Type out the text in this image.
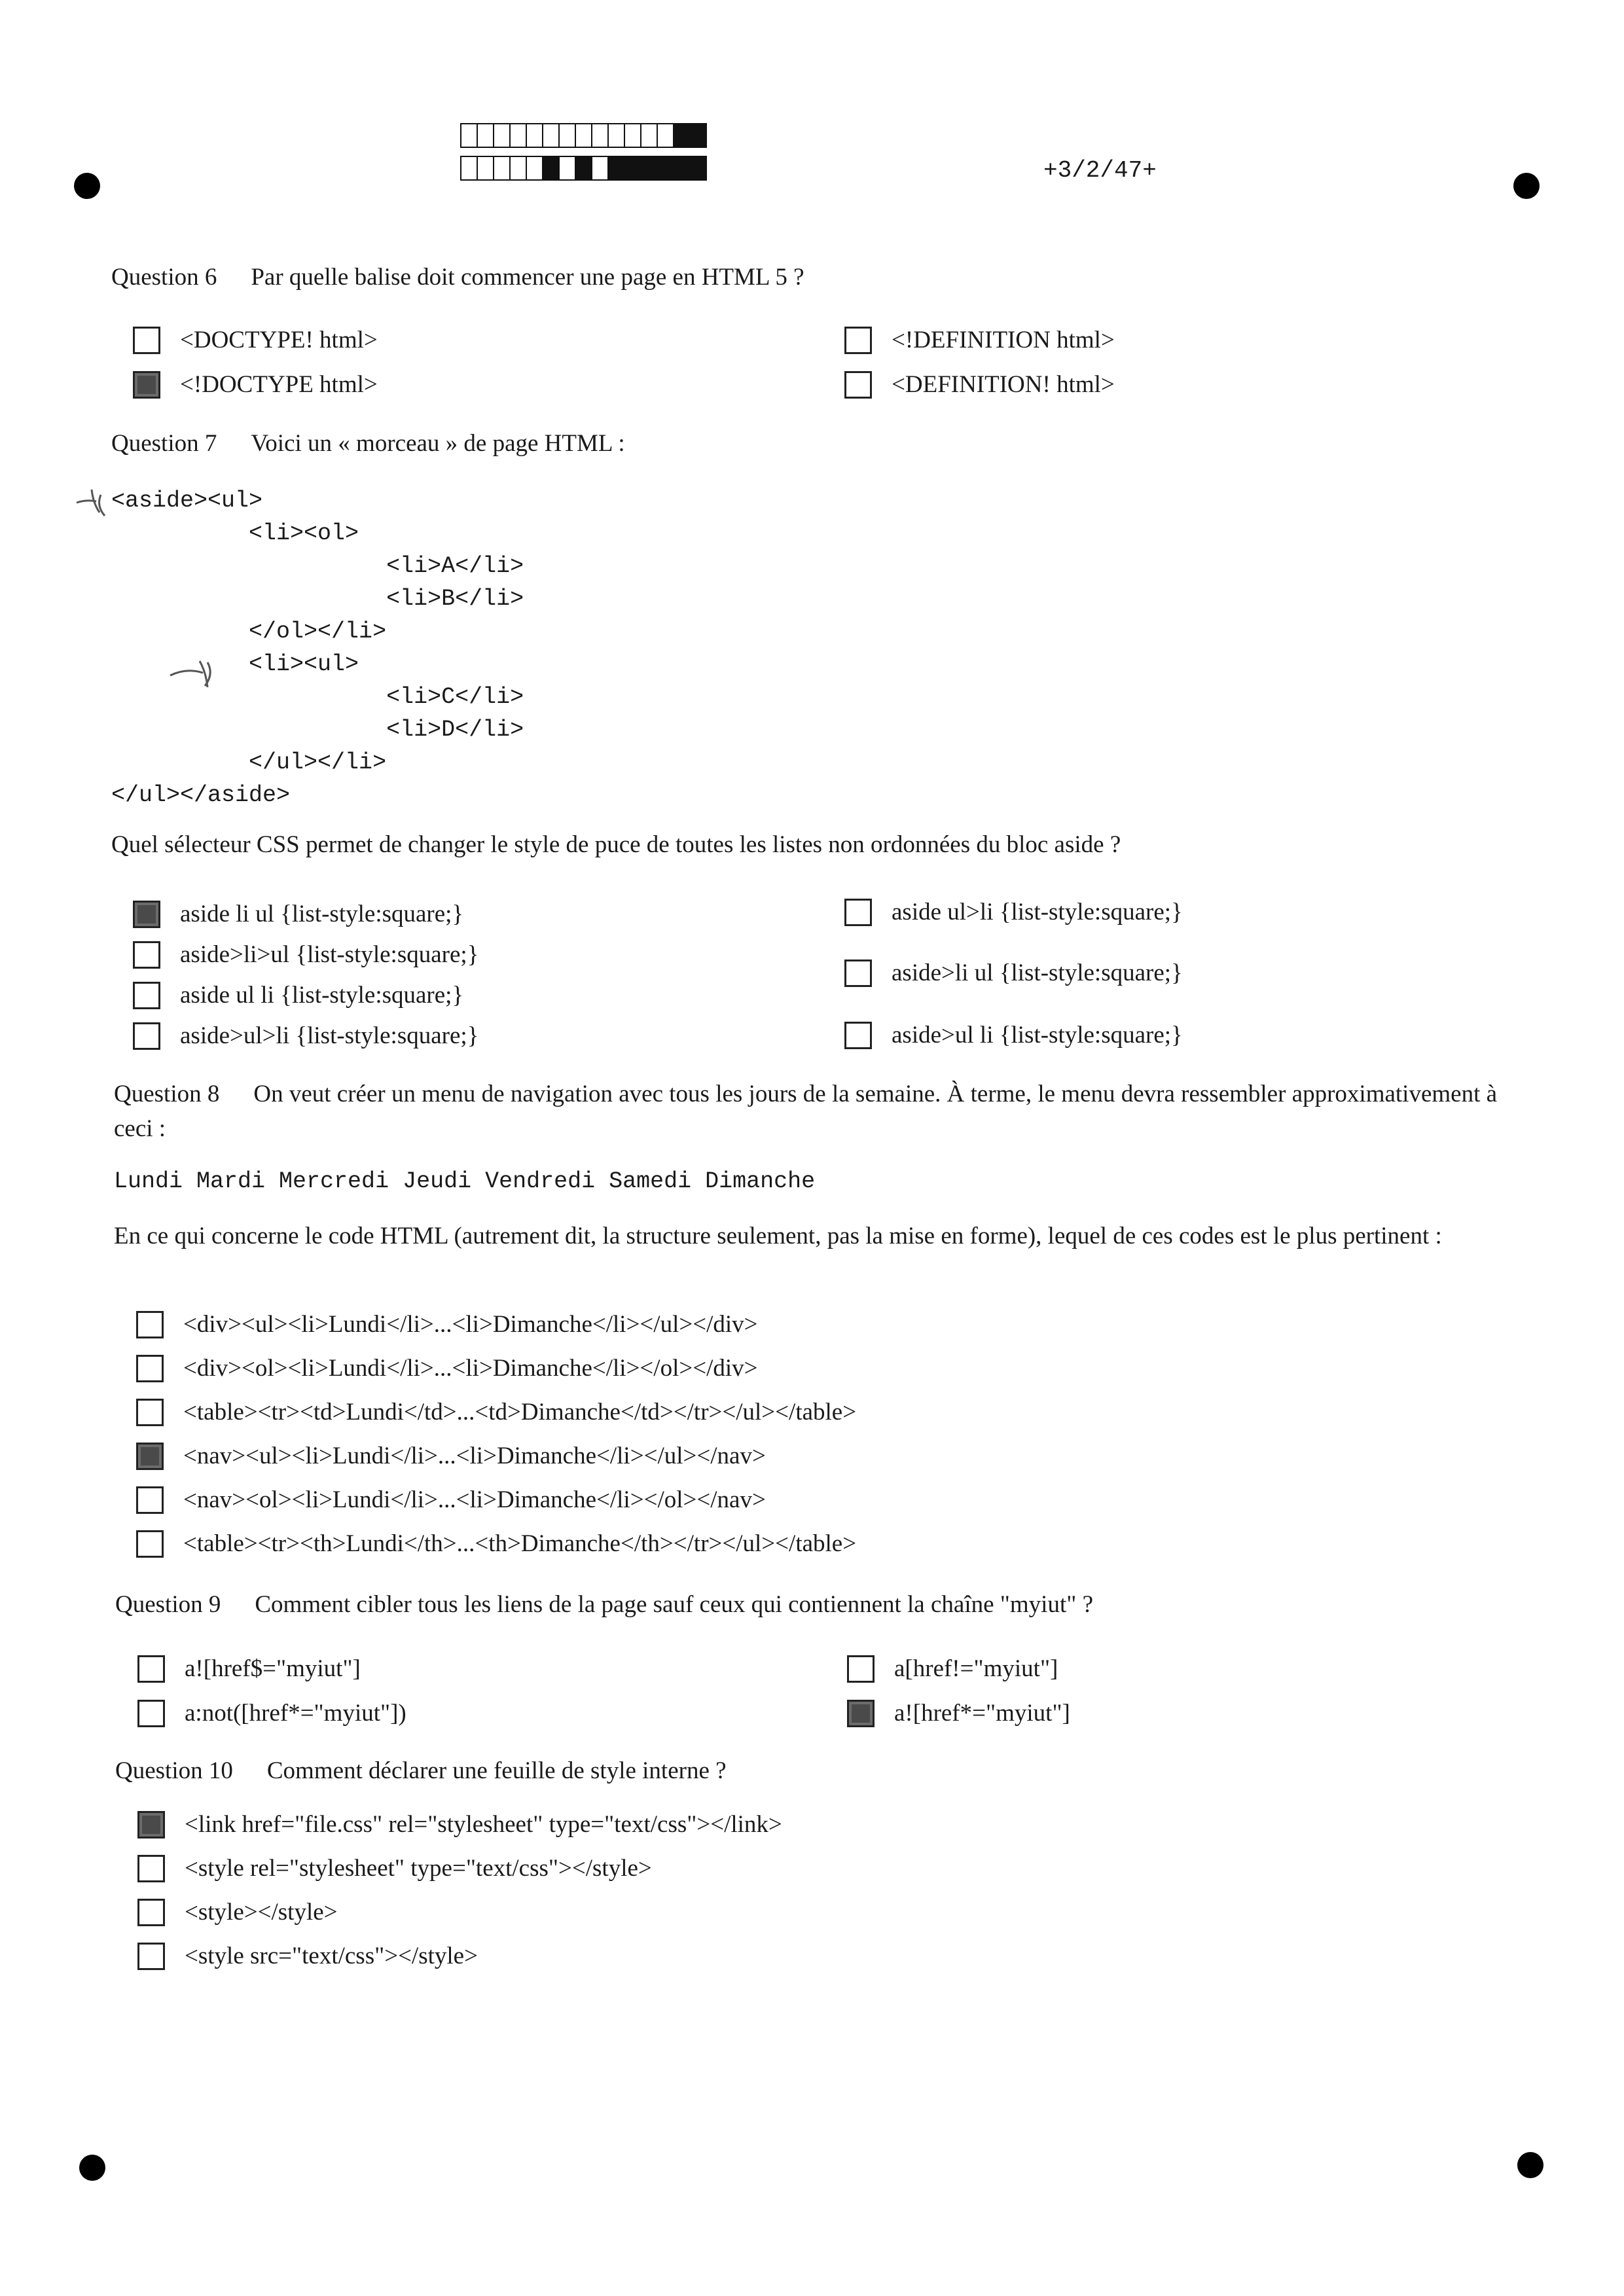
+3/2/47+
Question 6 Par quelle balise doit commencer une page en HTML 5 ?
<DOCTYPE! html>
<!DOCTYPE html>
<!DEFINITION html>
<DEFINITION! html>
Question 7 Voici un « morceau » de page HTML :
<aside><ul>
<li><ol>
<li>A</li>
<li>B</li>
</ol></li>
<li><ul>
<li>C</li>
<li>D</li>
</ul></li>
</ul></aside>
Quel sélecteur CSS permet de changer le style de puce de toutes les listes non ordonnées du bloc aside ?
aside li ul {list-style:square;}
aside>li>ul {list-style:square;}
aside ul li {list-style:square;}
aside>ul>li {list-style:square;}
aside ul>li {list-style:square;}
aside>li ul {list-style:square;}
aside>ul li {list-style:square;}
Question 8 On veut créer un menu de navigation avec tous les jours de la semaine. À terme, le menu devra ressembler approximativement à ceci :
Lundi Mardi Mercredi Jeudi Vendredi Samedi Dimanche
En ce qui concerne le code HTML (autrement dit, la structure seulement, pas la mise en forme), lequel de ces codes est le plus pertinent :
<div><ul><li>Lundi</li>...<li>Dimanche</li></ul></div>
<div><ol><li>Lundi</li>...<li>Dimanche</li></ol></div>
<table><tr><td>Lundi</td>...<td>Dimanche</td></tr></ul></table>
<nav><ul><li>Lundi</li>...<li>Dimanche</li></ul></nav>
<nav><ol><li>Lundi</li>...<li>Dimanche</li></ol></nav>
<table><tr><th>Lundi</th>...<th>Dimanche</th></tr></ul></table>
Question 9 Comment cibler tous les liens de la page sauf ceux qui contiennent la chaîne "myiut" ?
a![href$="myiut"]
a:not([href*="myiut"])
a[href!="myiut"]
a![href*="myiut"]
Question 10 Comment déclarer une feuille de style interne ?
<link href="file.css" rel="stylesheet" type="text/css"></link>
<style rel="stylesheet" type="text/css"></style>
<style></style>
<style src="text/css"></style>
